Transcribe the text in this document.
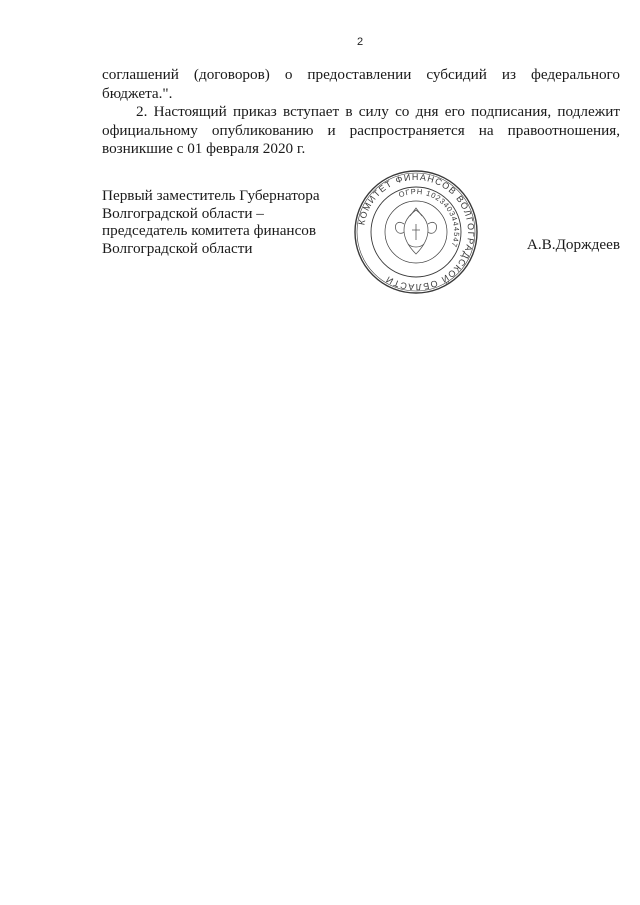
2

соглашений (договоров) о предоставлении субсидий из федерального бюджета.".

2. Настоящий приказ вступает в силу со дня его подписания, подлежит официальному опубликованию и распространяется на правоотношения, возникшие с 01 февраля 2020 г.

Первый заместитель Губернатора
Волгоградской области –
председатель комитета финансов
Волгоградской области
КОМИТЕТ ФИНАНСОВ ВОЛГОГРАДСКОЙ ОБЛАСТИ
ОГРН 1023403444547	А.В.Дорждеев
